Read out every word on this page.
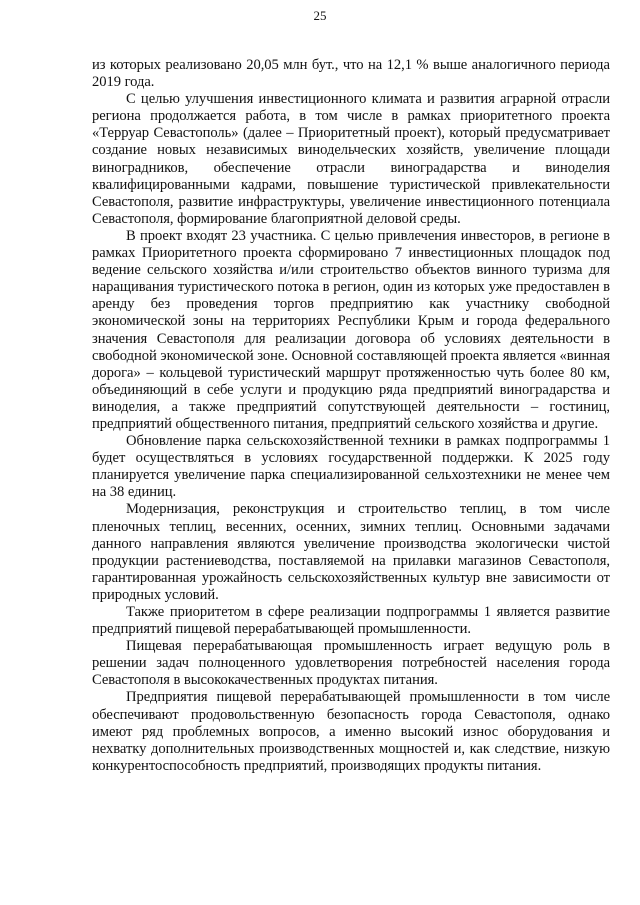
25

из которых реализовано 20,05 млн бут., что на 12,1 % выше аналогичного периода 2019 года.

С целью улучшения инвестиционного климата и развития аграрной отрасли региона продолжается работа, в том числе в рамках приоритетного проекта «Терруар Севастополь» (далее – Приоритетный проект), который предусматривает создание новых независимых винодельческих хозяйств, увеличение площади виноградников, обеспечение отрасли виноградарства и виноделия квалифицированными кадрами, повышение туристической привлекательности Севастополя, развитие инфраструктуры, увеличение инвестиционного потенциала Севастополя, формирование благоприятной деловой среды.

В проект входят 23 участника. С целью привлечения инвесторов, в регионе в рамках Приоритетного проекта сформировано 7 инвестиционных площадок под ведение сельского хозяйства и/или строительство объектов винного туризма для наращивания туристического потока в регион, один из которых уже предоставлен в аренду без проведения торгов предприятию как участнику свободной экономической зоны на территориях Республики Крым и города федерального значения Севастополя для реализации договора об условиях деятельности в свободной экономической зоне. Основной составляющей проекта является «винная дорога» – кольцевой туристический маршрут протяженностью чуть более 80 км, объединяющий в себе услуги и продукцию ряда предприятий виноградарства и виноделия, а также предприятий сопутствующей деятельности – гостиниц, предприятий общественного питания, предприятий сельского хозяйства и другие.

Обновление парка сельскохозяйственной техники в рамках подпрограммы 1 будет осуществляться в условиях государственной поддержки. К 2025 году планируется увеличение парка специализированной сельхозтехники не менее чем на 38 единиц.

Модернизация, реконструкция и строительство теплиц, в том числе пленочных теплиц, весенних, осенних, зимних теплиц. Основными задачами данного направления являются увеличение производства экологически чистой продукции растениеводства, поставляемой на прилавки магазинов Севастополя, гарантированная урожайность сельскохозяйственных культур вне зависимости от природных условий.

Также приоритетом в сфере реализации подпрограммы 1 является развитие предприятий пищевой перерабатывающей промышленности.

Пищевая перерабатывающая промышленность играет ведущую роль в решении задач полноценного удовлетворения потребностей населения города Севастополя в высококачественных продуктах питания.

Предприятия пищевой перерабатывающей промышленности в том числе обеспечивают продовольственную безопасность города Севастополя, однако имеют ряд проблемных вопросов, а именно высокий износ оборудования и нехватку дополнительных производственных мощностей и, как следствие, низкую конкурентоспособность предприятий, производящих продукты питания.
